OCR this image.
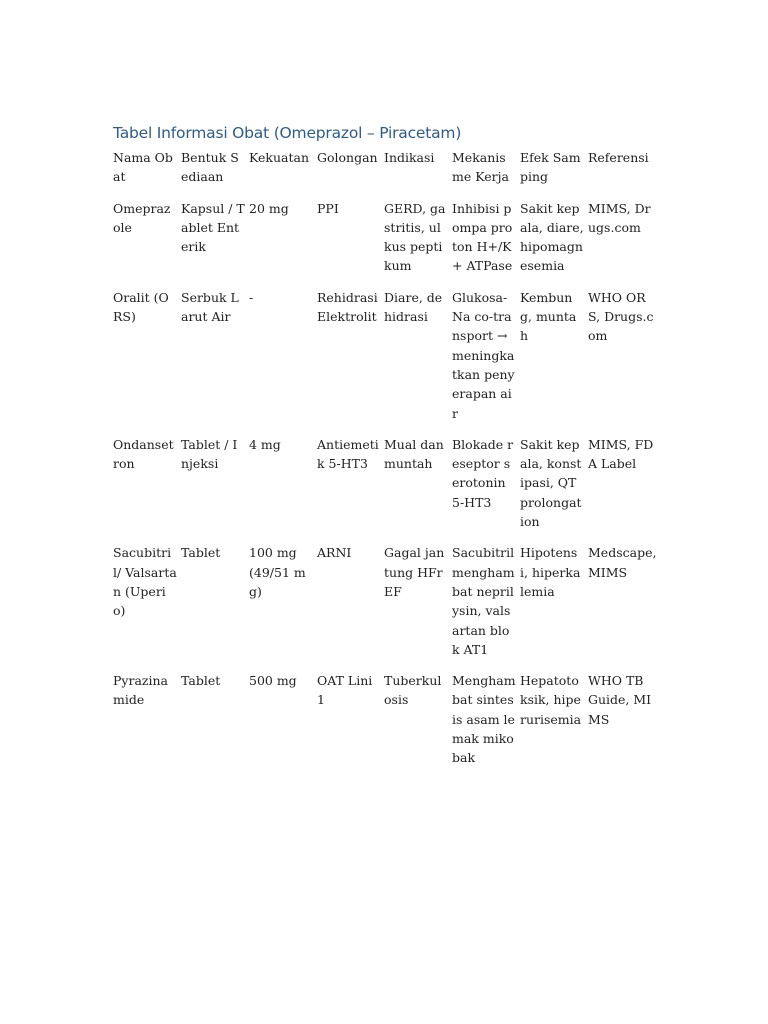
Tabel Informasi Obat (Omeprazol – Piracetam)
Nama Obat	Bentuk Sediaan	Kekuatan	Golongan	Indikasi	Mekanisme Kerja	Efek Samping	Referensi

Omeprazole	Kapsul / Tablet Enterik	20 mg	PPI	GERD, gastritis, ulkus peptikum	Inhibisi pompa proton H+/K+ ATPase	Sakit kepala, diare, hipomagnesemia	MIMS, Drugs.com

Oralit (ORS)	Serbuk Larut Air	-	Rehidrasi Elektrolit	Diare, dehidrasi	Glukosa-Na co-transport → meningkatkan penyerapan air	Kembung, muntah	WHO ORS, Drugs.com

Ondansetron	Tablet / Injeksi	4 mg	Antiemetik 5-HT3	Mual dan muntah	Blokade reseptor serotonin 5-HT3	Sakit kepala, konstipasi, QT prolongation	MIMS, FDA Label

Sacubitril/ Valsartan (Uperio)	Tablet	100 mg (49/51 mg)	ARNI	Gagal jantung HFrEF	Sacubitril menghambat neprilysin, valsartan blok AT1	Hipotensi, hiperkalemia	Medscape, MIMS

Pyrazinamide	Tablet	500 mg	OAT Lini 1	Tuberkulosis	Menghambat sintesis asam lemak mikobak	Hepatotoksik, hiperurisemia	WHO TB Guide, MIMS
